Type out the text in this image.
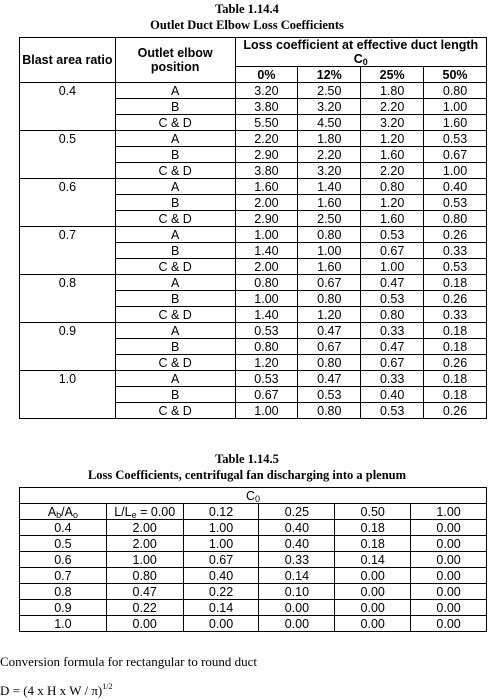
Table 1.14.4
Outlet Duct Elbow Loss Coefficients
Blast area ratio	Outlet elbow position	Loss coefficient at effective duct length
$C_0$
		0%	12%	25%	50%
0.4	A	3.20	2.50	1.80	0.80
	B	3.80	3.20	2.20	1.00
	C & D	5.50	4.50	3.20	1.60
0.5	A	2.20	1.80	1.20	0.53
	B	2.90	2.20	1.60	0.67
	C & D	3.80	3.20	2.20	1.00
0.6	A	1.60	1.40	0.80	0.40
	B	2.00	1.60	1.20	0.53
	C & D	2.90	2.50	1.60	0.80
0.7	A	1.00	0.80	0.53	0.26
	B	1.40	1.00	0.67	0.33
	C & D	2.00	1.60	1.00	0.53
0.8	A	0.80	0.67	0.47	0.18
	B	1.00	0.80	0.53	0.26
	C & D	1.40	1.20	0.80	0.33
0.9	A	0.53	0.47	0.33	0.18
	B	0.80	0.67	0.47	0.18
	C & D	1.20	0.80	0.67	0.26
1.0	A	0.53	0.47	0.33	0.18
	B	0.67	0.53	0.40	0.18
	C & D	1.00	0.80	0.53	0.26
Table 1.14.5
Loss Coefficients, centrifugal fan discharging into a plenum
$C_0$
$A_b/A_o$	$L/L_e = 0.00$	0.12	0.25	0.50	1.00
0.4	2.00	1.00	0.40	0.18	0.00
0.5	2.00	1.00	0.40	0.18	0.00
0.6	1.00	0.67	0.33	0.14	0.00
0.7	0.80	0.40	0.14	0.00	0.00
0.8	0.47	0.22	0.10	0.00	0.00
0.9	0.22	0.14	0.00	0.00	0.00
1.0	0.00	0.00	0.00	0.00	0.00
Conversion formula for rectangular to round duct
D = (4 x H x W / π)$^{1/2}$
